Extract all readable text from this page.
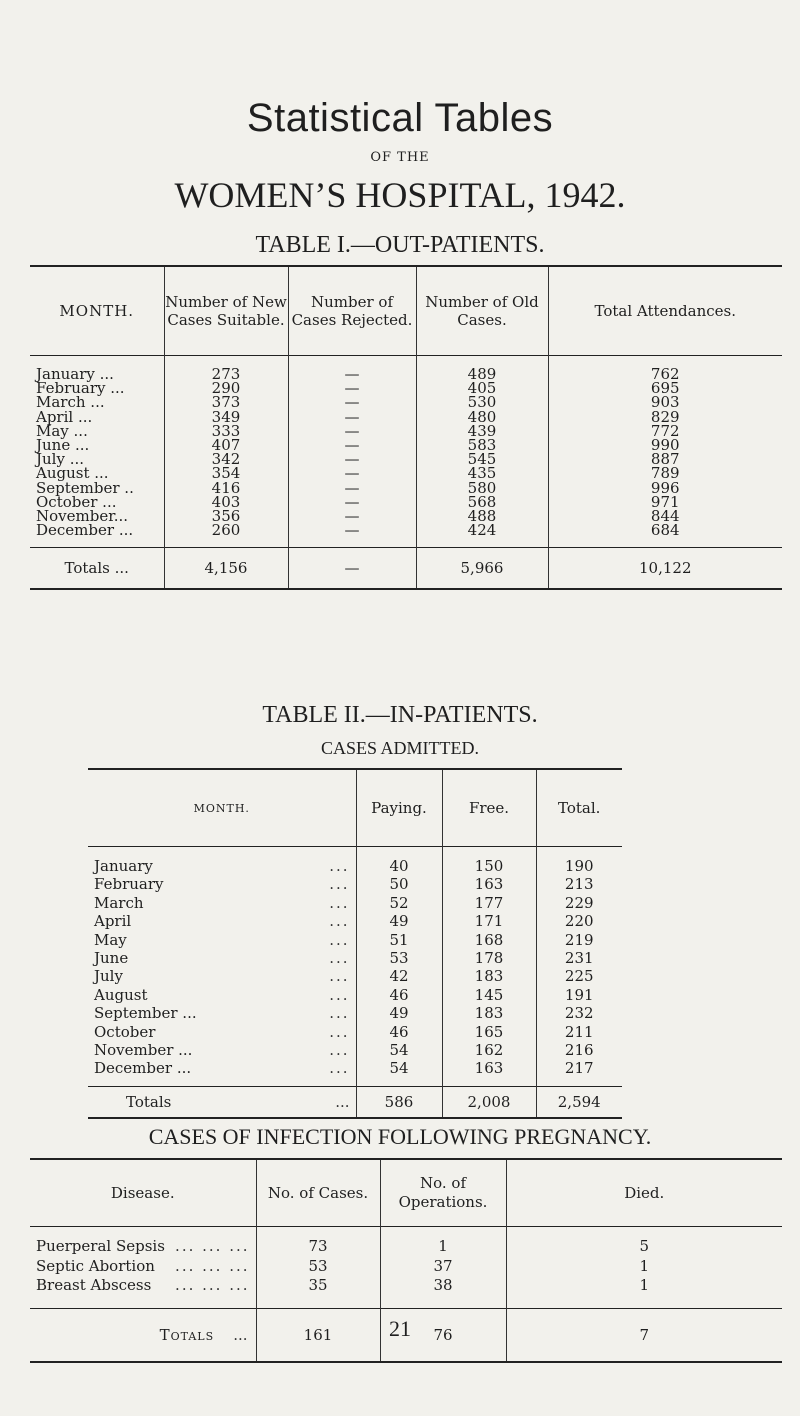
Statistical Tables
OF THE
WOMEN’S HOSPITAL, 1942.
TABLE I.—OUT-PATIENTS.
MONTH.	Number of New Cases Suitable.	Number of Cases Rejected.	Number of Old Cases.	Total Attendances.
January ...	273	—	489	762
February ...	290	—	405	695
March ...	373	—	530	903
April ...	349	—	480	829
May ...	333	—	439	772
June ...	407	—	583	990
July ...	342	—	545	887
August ...	354	—	435	789
September ..	416	—	580	996
October ...	403	—	568	971
November...	356	—	488	844
December ...	260	—	424	684
Totals ...	4,156	—	5,966	10,122
TABLE II.—IN-PATIENTS.
CASES ADMITTED.
MONTH.	Paying.	Free.	Total.
January ...	40	150	190
February ...	50	163	213
March ...	52	177	229
April ...	49	171	220
May ...	51	168	219
June ...	53	178	231
July ...	42	183	225
August ...	46	145	191
September ... ...	49	183	232
October ...	46	165	211
November ... ...	54	162	216
December ... ...	54	163	217
Totals ...	586	2,008	2,594
CASES OF INFECTION FOLLOWING PREGNANCY.
Disease.	No. of Cases.	No. of Operations.	Died.
Puerperal Sepsis ... ... ...	73	1	5
Septic Abortion ... ... ...	53	37	1
Breast Abscess ... ... ...	35	38	1
Totals ...	161	76	7
21
